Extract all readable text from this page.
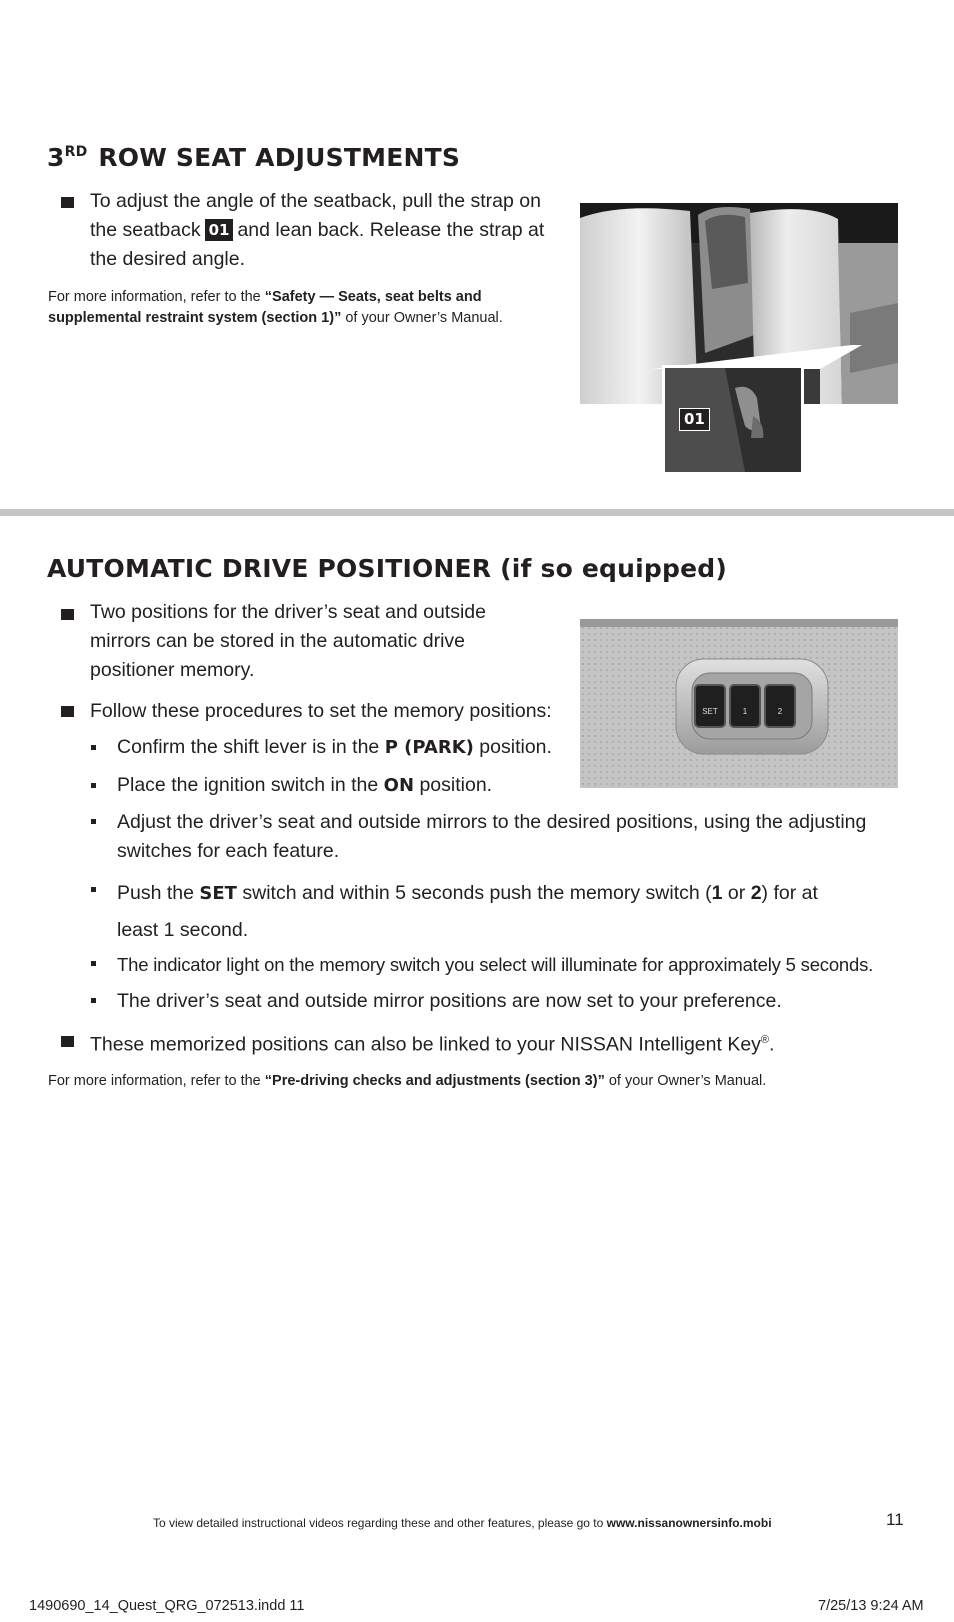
3RD ROW SEAT ADJUSTMENTS
To adjust the angle of the seatback, pull the strap on the seatback 01 and lean back. Release the strap at the desired angle.
For more information, refer to the “Safety — Seats, seat belts and supplemental restraint system (section 1)” of your Owner’s Manual.
01
AUTOMATIC DRIVE POSITIONER (if so equipped)
Two positions for the driver’s seat and outside mirrors can be stored in the automatic drive positioner memory.
Follow these procedures to set the memory positions:
Confirm the shift lever is in the P (PARK) position.
Place the ignition switch in the ON position.
Adjust the driver’s seat and outside mirrors to the desired positions, using the adjusting
switches for each feature.
Push the SET switch and within 5 seconds push the memory switch (1 or 2) for at
least 1 second.
The indicator light on the memory switch you select will illuminate for approximately 5 seconds.
The driver’s seat and outside mirror positions are now set to your preference.
These memorized positions can also be linked to your NISSAN Intelligent Key®.
For more information, refer to the “Pre-driving checks and adjustments (section 3)” of your Owner’s Manual.
SET	1	2
To view detailed instructional videos regarding these and other features, please go to www.nissanownersinfo.mobi	11
1490690_14_Quest_QRG_072513.indd 11	7/25/13 9:24 AM
